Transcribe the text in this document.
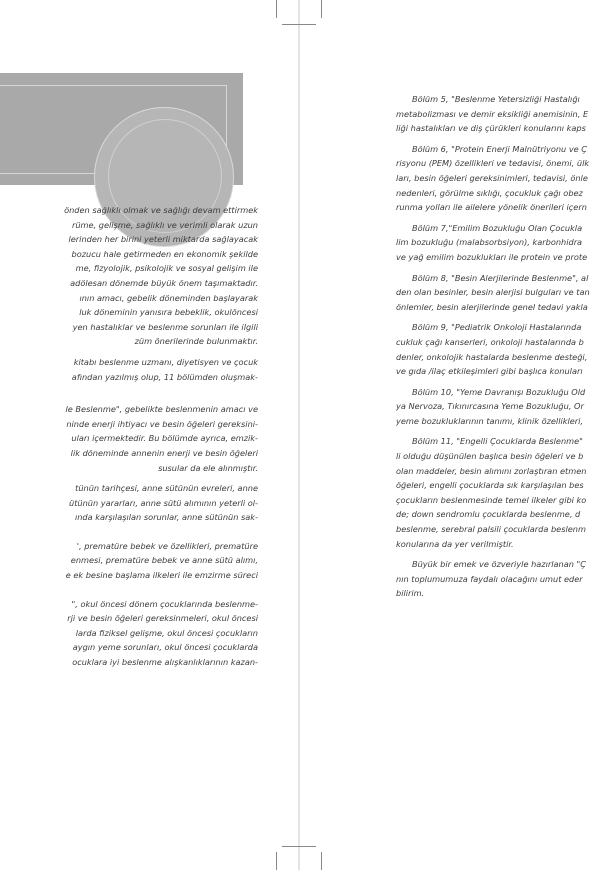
önden sağlıklı olmak ve sağlığı devam ettirmek

rüme, gelişme, sağlıklı ve verimli olarak uzun

lerinden her birini yeterli miktarda sağlayacak

bozucu hale getirmeden en ekonomik şekilde

me, fizyolojik, psikolojik ve sosyal gelişim ile

adölesan dönemde büyük önem taşımaktadır.

ının amacı, gebelik döneminden başlayarak

luk döneminin yanısıra bebeklik, okulöncesi

yen hastalıklar ve beslenme sorunları ile ilgili

züm önerilerinde bulunmaktır.

kitabı beslenme uzmanı, diyetisyen ve çocuk

afından yazılmış olup, 11 bölümden oluşmak-

le Beslenme", gebelikte beslenmenin amacı ve

ninde enerji ihtiyacı ve besin öğeleri gereksini-

uları içermektedir. Bu bölümde ayrıca, emzik-

lik döneminde annenin enerji ve besin öğeleri

susular da ele alınmıştır.

tünün tarihçesi, anne sütünün evreleri, anne

ütünün yararları, anne sütü alımının yeterli ol-

ında karşılaşılan sorunlar, anne sütünün sak-

', prematüre bebek ve özellikleri, prematüre

enmesi, prematüre bebek ve anne sütü alımı,

e ek besine başlama ilkeleri ile emzirme süreci

", okul öncesi dönem çocuklarında beslenme-

rji ve besin öğeleri gereksinmeleri, okul öncesi

larda fiziksel gelişme, okul öncesi çocukların

aygın yeme sorunları, okul öncesi çocuklarda

ocuklara iyi beslenme alışkanlıklarının kazan-

Bölüm 5, "Beslenme Yetersizliği Hastalığı

metabolizması ve demir eksikliği anemisinin, E

liği hastalıkları ve diş çürükleri konularını kaps

Bölüm 6, "Protein Enerji Malnütriyonu ve Ç

risyonu (PEM) özellikleri ve tedavisi, önemi, ülk

ları, besin öğeleri gereksinimleri, tedavisi, önle

nedenleri, görülme sıklığı, çocukluk çağı obez

runma yolları ile ailelere yönelik önerileri içern

Bölüm 7,"Emilim Bozukluğu Olan Çocukla

lim bozukluğu (malabsorbsiyon), karbonhidra

ve yağ emilim bozuklukları ile protein ve prote

Bölüm 8, "Besin Alerjilerinde Beslenme", al

den olan besinler, besin alerjisi bulguları ve tan

önlemler, besin alerjilerinde genel tedavi yakla

Bölüm 9, "Pediatrik Onkoloji Hastalarında

cukluk çağı kanserleri, onkoloji hastalarında b

denler, onkolojik hastalarda beslenme desteği,

ve gıda /ilaç etkileşimleri gibi başlıca konuları

Bölüm 10, "Yeme Davranışı Bozukluğu Old

ya Nervoza, Tıkınırcasına Yeme Bozukluğu, Or

yeme bozukluklarının tanımı, klinik özellikleri,

Bölüm 11, "Engelli Çocuklarda Beslenme"

li olduğu düşünülen başlıca besin öğeleri ve b

olan maddeler, besin alımını zorlaştıran etmen

öğeleri, engelli çocuklarda sık karşılaşılan bes

çocukların beslenmesinde temel ilkeler gibi ko

de; down sendromlu çocuklarda beslenme, d

beslenme, serebral palsili çocuklarda beslenm

konularına da yer verilmiştir.

Büyük bir emek ve özveriyle hazırlanan "Ç

nın toplumumuza faydalı olacağını umut eder

bilirim.
